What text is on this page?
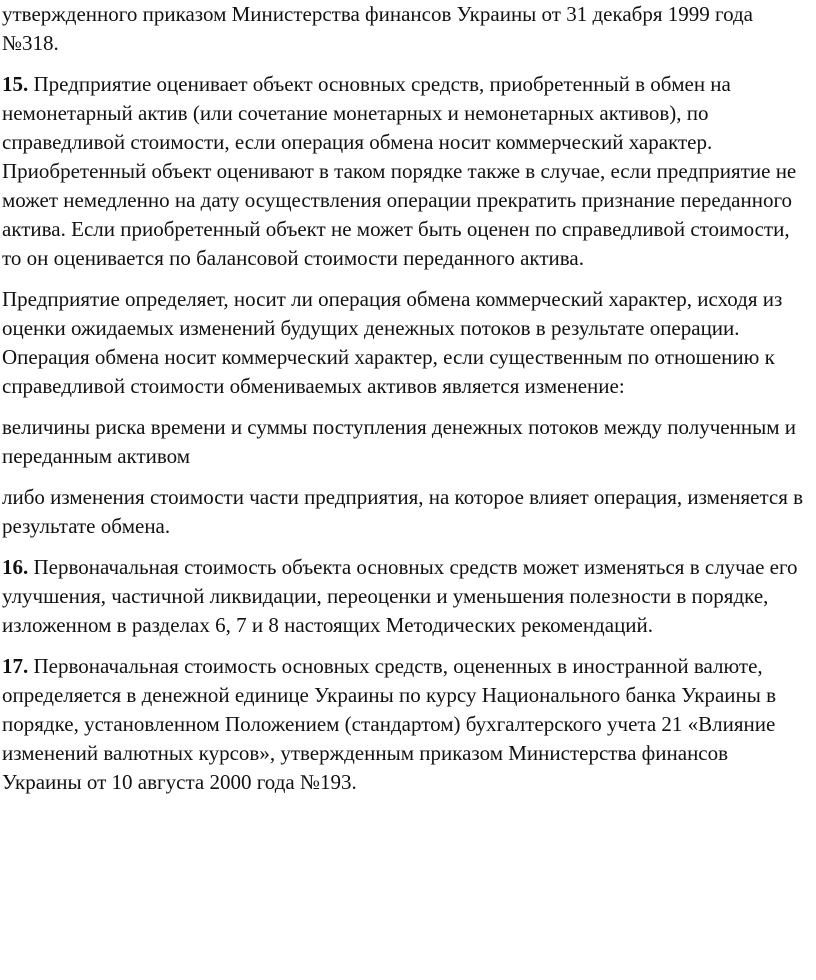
утвержденного приказом Министерства финансов Украины от 31 декабря 1999 года №318.

15. Предприятие оценивает объект основных средств, приобретенный в обмен на немонетарный актив (или сочетание монетарных и немонетарных активов), по справедливой стоимости, если операция обмена носит коммерческий характер. Приобретенный объект оценивают в таком порядке также в случае, если предприятие не может немедленно на дату осуществления операции прекратить признание переданного актива. Если приобретенный объект не может быть оценен по справедливой стоимости, то он оценивается по балансовой стоимости переданного актива.

Предприятие определяет, носит ли операция обмена коммерческий характер, исходя из оценки ожидаемых изменений будущих денежных потоков в результате операции. Операция обмена носит коммерческий характер, если существенным по отношению к справедливой стоимости обмениваемых активов является изменение:

величины риска времени и суммы поступления денежных потоков между полученным и переданным активом

либо изменения стоимости части предприятия, на которое влияет операция, изменяется в результате обмена.

16. Первоначальная стоимость объекта основных средств может изменяться в случае его улучшения, частичной ликвидации, переоценки и уменьшения полезности в порядке, изложенном в разделах 6, 7 и 8 настоящих Методических рекомендаций.

17. Первоначальная стоимость основных средств, оцененных в иностранной валюте, определяется в денежной единице Украины по курсу Национального банка Украины в порядке, установленном Положением (стандартом) бухгалтерского учета 21 «Влияние изменений валютных курсов», утвержденным приказом Министерства финансов Украины от 10 августа 2000 года №193.
